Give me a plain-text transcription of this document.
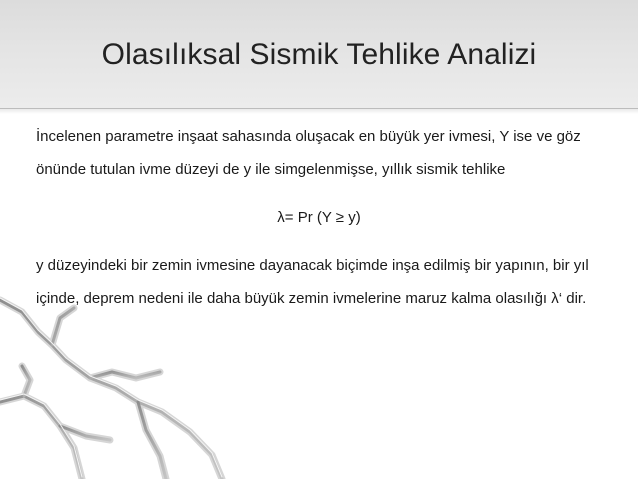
Olasılıksal Sismik Tehlike Analizi

İncelenen parametre inşaat sahasında oluşacak en büyük yer ivmesi, Y ise ve göz önünde tutulan ivme düzeyi de y ile simgelenmişse, yıllık sismik tehlike

λ= Pr (Y ≥ y)

y düzeyindeki bir zemin ivmesine dayanacak biçimde inşa edilmiş bir yapının, bir yıl içinde, deprem nedeni ile daha büyük zemin ivmelerine maruz kalma olasılığı λ‘ dir.
